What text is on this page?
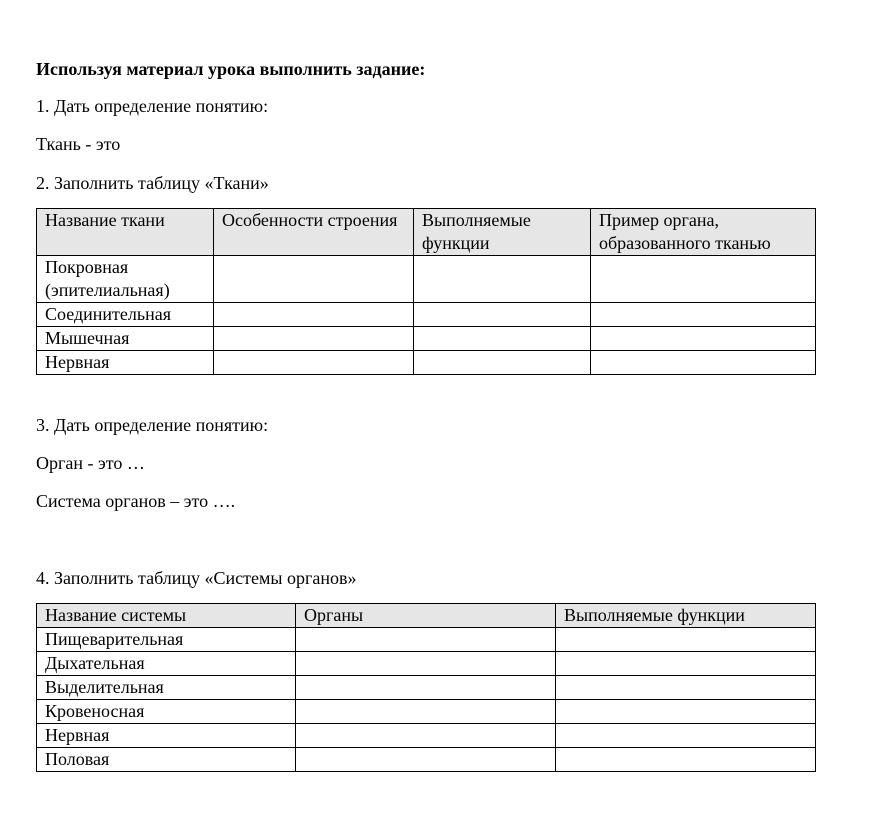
Используя материал урока выполнить задание:
1. Дать определение понятию:
Ткань - это
2. Заполнить таблицу «Ткани»
Название ткани	Особенности строения	Выполняемые функции	Пример органа, образованного тканью
Покровная (эпителиальная)			
Соединительная			
Мышечная			
Нервная			
3. Дать определение понятию:
Орган - это …
Система органов – это ….
4. Заполнить таблицу «Системы органов»
Название системы	Органы	Выполняемые функции
Пищеварительная		
Дыхательная		
Выделительная		
Кровеносная		
Нервная		
Половая		
